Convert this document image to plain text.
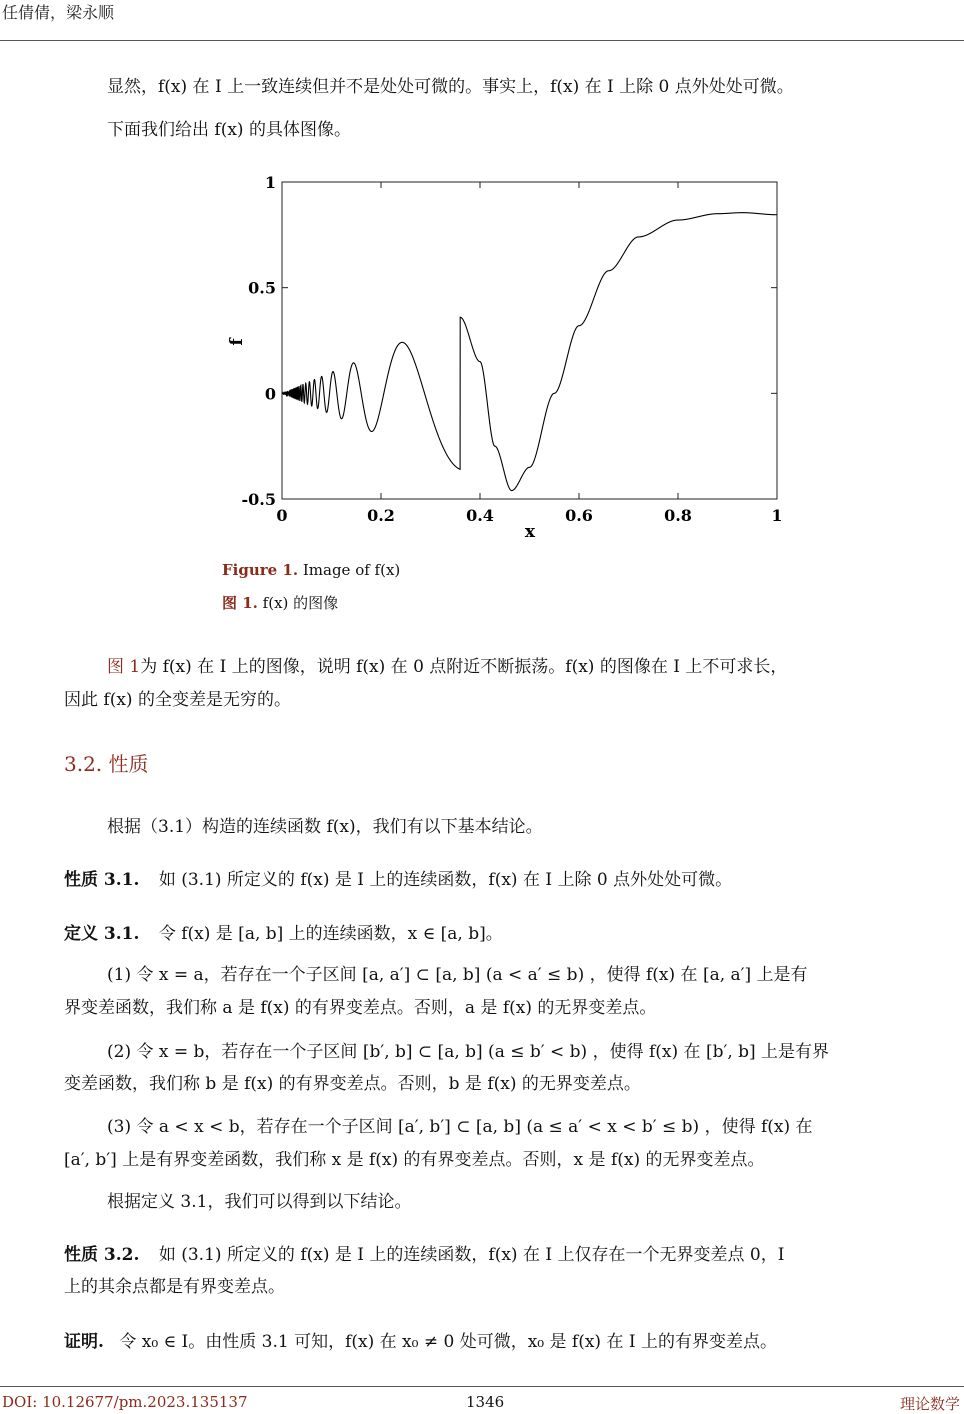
任倩倩，梁永顺
显然，f(x) 在 I 上一致连续但并不是处处可微的。事实上，f(x) 在 I 上除 0 点外处处可微。
下面我们给出 f(x) 的具体图像。
0	0.2	0.4	0.6	0.8	1
-0.5
0
0.5
1
x
f
Figure 1. Image of f(x)
图 1. f(x) 的图像
图 1为 f(x) 在 I 上的图像，说明 f(x) 在 0 点附近不断振荡。f(x) 的图像在 I 上不可求长，
因此 f(x) 的全变差是无穷的。
3.2. 性质
根据（3.1）构造的连续函数 f(x)，我们有以下基本结论。
性质 3.1. 如 (3.1) 所定义的 f(x) 是 I 上的连续函数，f(x) 在 I 上除 0 点外处处可微。
定义 3.1. 令 f(x) 是 [a, b] 上的连续函数，x ∈ [a, b]。
(1) 令 x = a，若存在一个子区间 [a, a′] ⊂ [a, b] (a < a′ ≤ b) ，使得 f(x) 在 [a, a′] 上是有
界变差函数，我们称 a 是 f(x) 的有界变差点。否则，a 是 f(x) 的无界变差点。
(2) 令 x = b，若存在一个子区间 [b′, b] ⊂ [a, b] (a ≤ b′ < b) ，使得 f(x) 在 [b′, b] 上是有界
变差函数，我们称 b 是 f(x) 的有界变差点。否则，b 是 f(x) 的无界变差点。
(3) 令 a < x < b，若存在一个子区间 [a′, b′] ⊂ [a, b] (a ≤ a′ < x < b′ ≤ b) ，使得 f(x) 在
[a′, b′] 上是有界变差函数，我们称 x 是 f(x) 的有界变差点。否则，x 是 f(x) 的无界变差点。
根据定义 3.1，我们可以得到以下结论。
性质 3.2. 如 (3.1) 所定义的 f(x) 是 I 上的连续函数，f(x) 在 I 上仅存在一个无界变差点 0，I
上的其余点都是有界变差点。
证明. 令 x₀ ∈ I。由性质 3.1 可知，f(x) 在 x₀ ≠ 0 处可微，x₀ 是 f(x) 在 I 上的有界变差点。
DOI: 10.12677/pm.2023.135137	1346	理论数学
